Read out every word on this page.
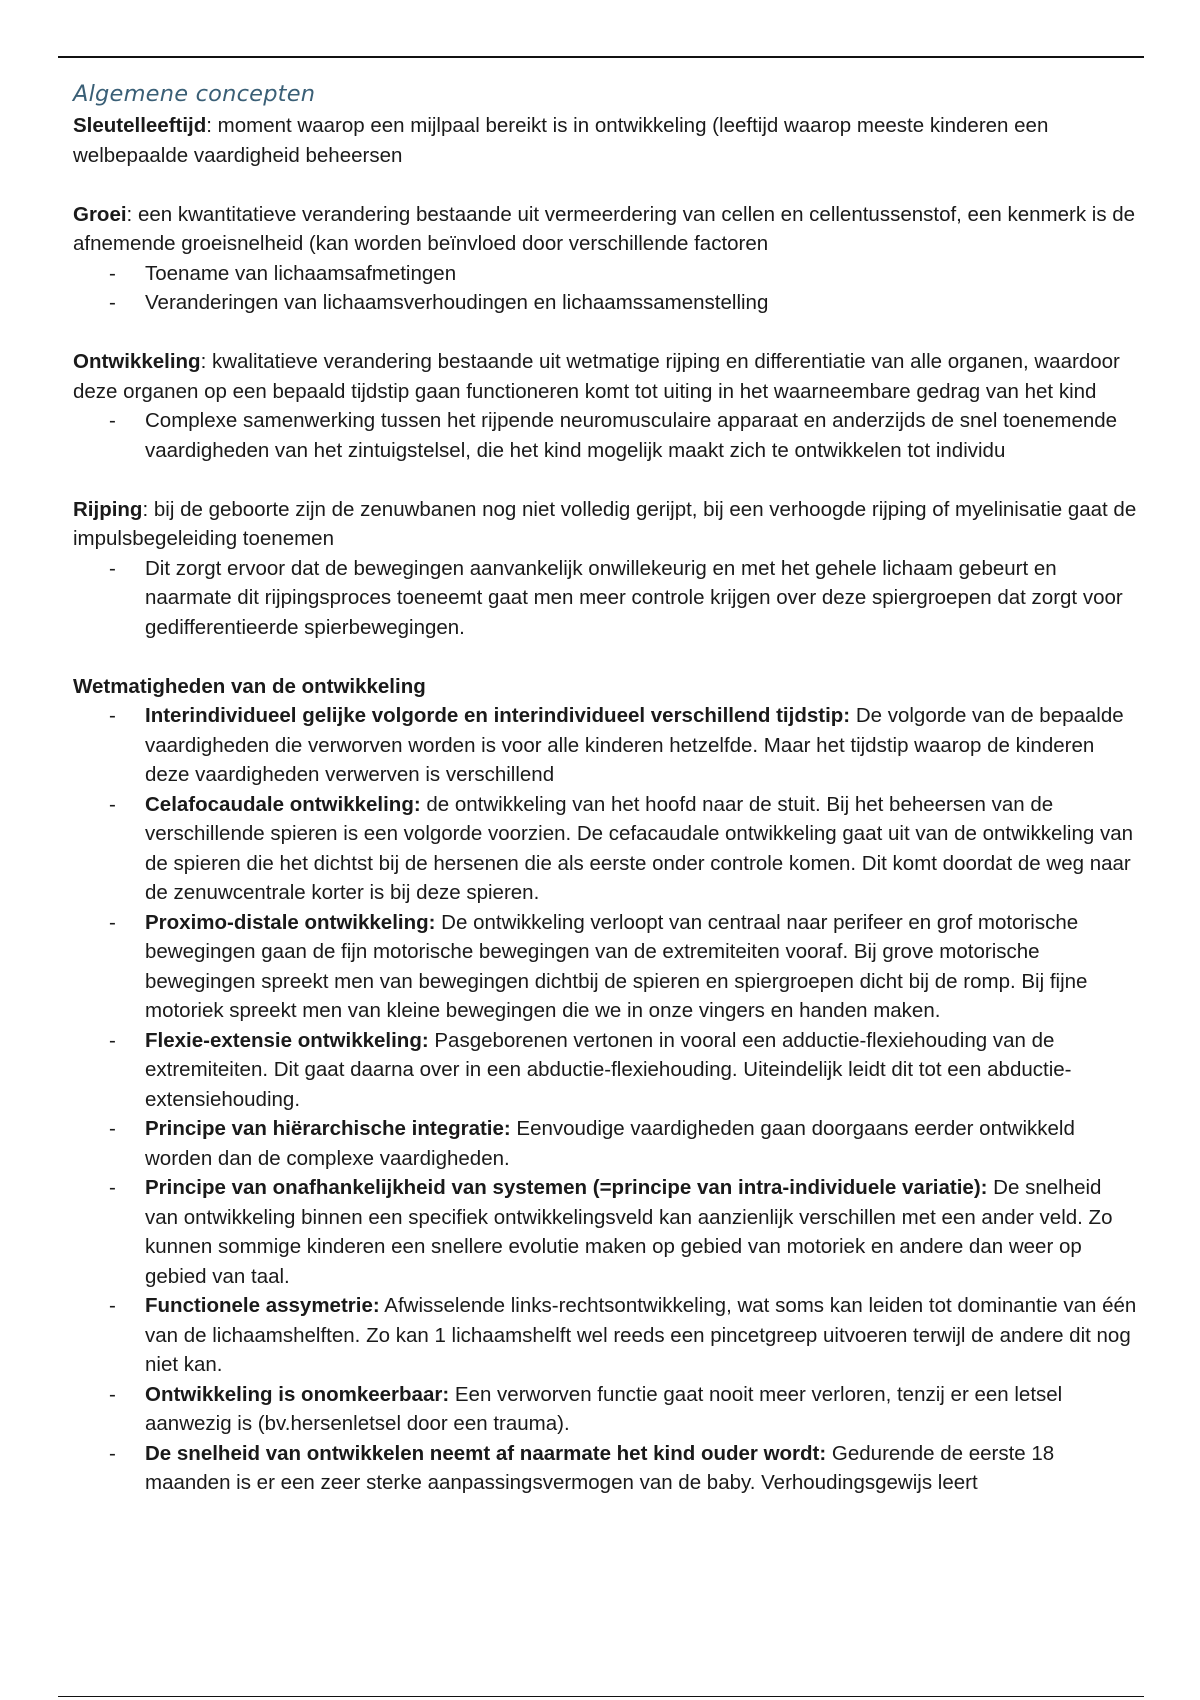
Algemene concepten

Sleutelleeftijd: moment waarop een mijlpaal bereikt is in ontwikkeling (leeftijd waarop meeste kinderen een welbepaalde vaardigheid beheersen

Groei: een kwantitatieve verandering bestaande uit vermeerdering van cellen en cellentussenstof, een kenmerk is de afnemende groeisnelheid (kan worden beïnvloed door verschillende factoren

- Toename van lichaamsafmetingen
- Veranderingen van lichaamsverhoudingen en lichaamssamenstelling

Ontwikkeling: kwalitatieve verandering bestaande uit wetmatige rijping en differentiatie van alle organen, waardoor deze organen op een bepaald tijdstip gaan functioneren komt tot uiting in het waarneembare gedrag van het kind

- Complexe samenwerking tussen het rijpende neuromusculaire apparaat en anderzijds de snel toenemende vaardigheden van het zintuigstelsel, die het kind mogelijk maakt zich te ontwikkelen tot individu

Rijping: bij de geboorte zijn de zenuwbanen nog niet volledig gerijpt, bij een verhoogde rijping of myelinisatie gaat de impulsbegeleiding toenemen

- Dit zorgt ervoor dat de bewegingen aanvankelijk onwillekeurig en met het gehele lichaam gebeurt en naarmate dit rijpingsproces toeneemt gaat men meer controle krijgen over deze spiergroepen dat zorgt voor gedifferentieerde spierbewegingen.

Wetmatigheden van de ontwikkeling

- Interindividueel gelijke volgorde en interindividueel verschillend tijdstip: De volgorde van de bepaalde vaardigheden die verworven worden is voor alle kinderen hetzelfde. Maar het tijdstip waarop de kinderen deze vaardigheden verwerven is verschillend
- Celafocaudale ontwikkeling: de ontwikkeling van het hoofd naar de stuit. Bij het beheersen van de verschillende spieren is een volgorde voorzien. De cefacaudale ontwikkeling gaat uit van de ontwikkeling van de spieren die het dichtst bij de hersenen die als eerste onder controle komen. Dit komt doordat de weg naar de zenuwcentrale korter is bij deze spieren.
- Proximo-distale ontwikkeling: De ontwikkeling verloopt van centraal naar perifeer en grof motorische bewegingen gaan de fijn motorische bewegingen van de extremiteiten vooraf. Bij grove motorische bewegingen spreekt men van bewegingen dichtbij de spieren en spiergroepen dicht bij de romp. Bij fijne motoriek spreekt men van kleine bewegingen die we in onze vingers en handen maken.
- Flexie-extensie ontwikkeling: Pasgeborenen vertonen in vooral een adductie-flexiehouding van de extremiteiten. Dit gaat daarna over in een abductie-flexiehouding. Uiteindelijk leidt dit tot een abductie-extensiehouding.
- Principe van hiërarchische integratie: Eenvoudige vaardigheden gaan doorgaans eerder ontwikkeld worden dan de complexe vaardigheden.
- Principe van onafhankelijkheid van systemen (=principe van intra-individuele variatie): De snelheid van ontwikkeling binnen een specifiek ontwikkelingsveld kan aanzienlijk verschillen met een ander veld. Zo kunnen sommige kinderen een snellere evolutie maken op gebied van motoriek en andere dan weer op gebied van taal.
- Functionele assymetrie: Afwisselende links-rechtsontwikkeling, wat soms kan leiden tot dominantie van één van de lichaamshelften. Zo kan 1 lichaamshelft wel reeds een pincetgreep uitvoeren terwijl de andere dit nog niet kan.
- Ontwikkeling is onomkeerbaar: Een verworven functie gaat nooit meer verloren, tenzij er een letsel aanwezig is (bv.hersenletsel door een trauma).
- De snelheid van ontwikkelen neemt af naarmate het kind ouder wordt: Gedurende de eerste 18 maanden is er een zeer sterke aanpassingsvermogen van de baby. Verhoudingsgewijs leert
